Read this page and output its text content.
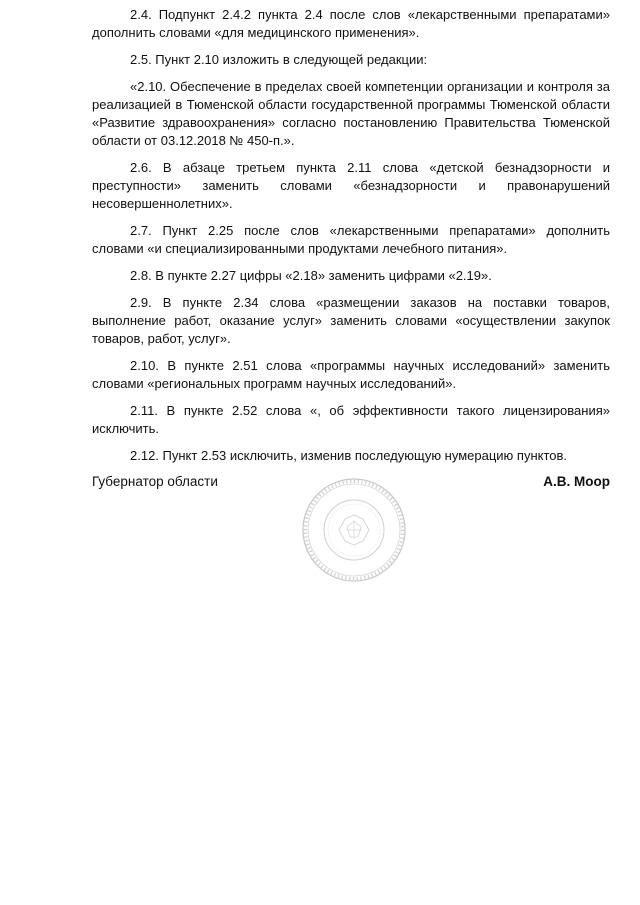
2.4. Подпункт 2.4.2 пункта 2.4 после слов «лекарственными препаратами» дополнить словами «для медицинского применения».

2.5. Пункт 2.10 изложить в следующей редакции:

«2.10. Обеспечение в пределах своей компетенции организации и контроля за реализацией в Тюменской области государственной программы Тюменской области «Развитие здравоохранения» согласно постановлению Правительства Тюменской области от 03.12.2018 № 450-п.».

2.6. В абзаце третьем пункта 2.11 слова «детской безнадзорности и преступности» заменить словами «безнадзорности и правонарушений несовершеннолетних».

2.7. Пункт 2.25 после слов «лекарственными препаратами» дополнить словами «и специализированными продуктами лечебного питания».

2.8. В пункте 2.27 цифры «2.18» заменить цифрами «2.19».

2.9. В пункте 2.34 слова «размещении заказов на поставки товаров, выполнение работ, оказание услуг» заменить словами «осуществлении закупок товаров, работ, услуг».

2.10. В пункте 2.51 слова «программы научных исследований» заменить словами «региональных программ научных исследований».

2.11. В пункте 2.52 слова «, об эффективности такого лицензирования» исключить.

2.12. Пункт 2.53 исключить, изменив последующую нумерацию пунктов.

Губернатор области	А.В. Моор
